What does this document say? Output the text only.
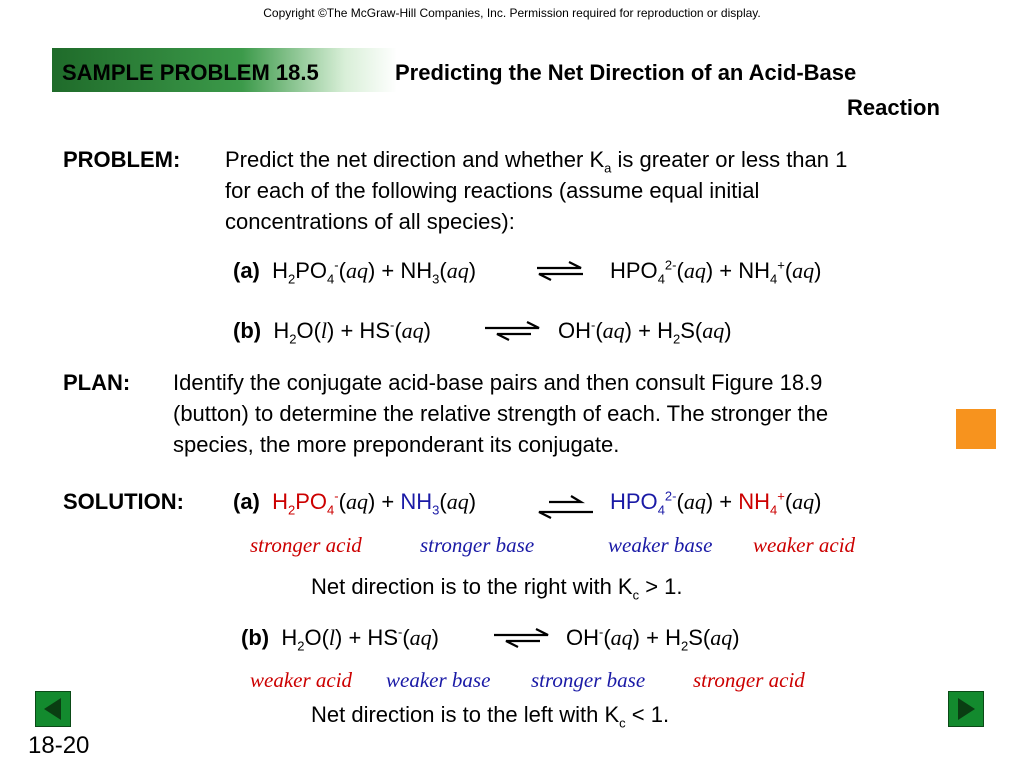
Copyright ©The McGraw-Hill Companies, Inc. Permission required for reproduction or display.
SAMPLE PROBLEM 18.5	Predicting the Net Direction of an Acid-Base
Reaction
PROBLEM: Predict the net direction and whether $K_a$ is greater or less than 1
for each of the following reactions (assume equal initial
concentrations of all species):
(a)  $H_2PO_4^-(aq) + NH_3(aq)$	$HPO_4^{2-}(aq) + NH_4^+(aq)$
(b)  $H_2O(l) + HS^-(aq)$	⇌ $OH^-(aq) + H_2S(aq)$
PLAN: Identify the conjugate acid-base pairs and then consult Figure 18.9
(button) to determine the relative strength of each. The stronger the
species, the more preponderant its conjugate.
SOLUTION: (a) $H_2PO_4^-(aq) + NH_3(aq)$	⇌ $HPO_4^{2-}(aq) + NH_4^+(aq)$
stronger acid	stronger base	weaker base weaker acid
Net direction is to the right with $K_c > 1$.
(b)  $H_2O(l) + HS^-(aq)$	⇌ $OH^-(aq) + H_2S(aq)$
weaker acid weaker base stronger base stronger acid
Net direction is to the left with $K_c < 1$.
18-20
